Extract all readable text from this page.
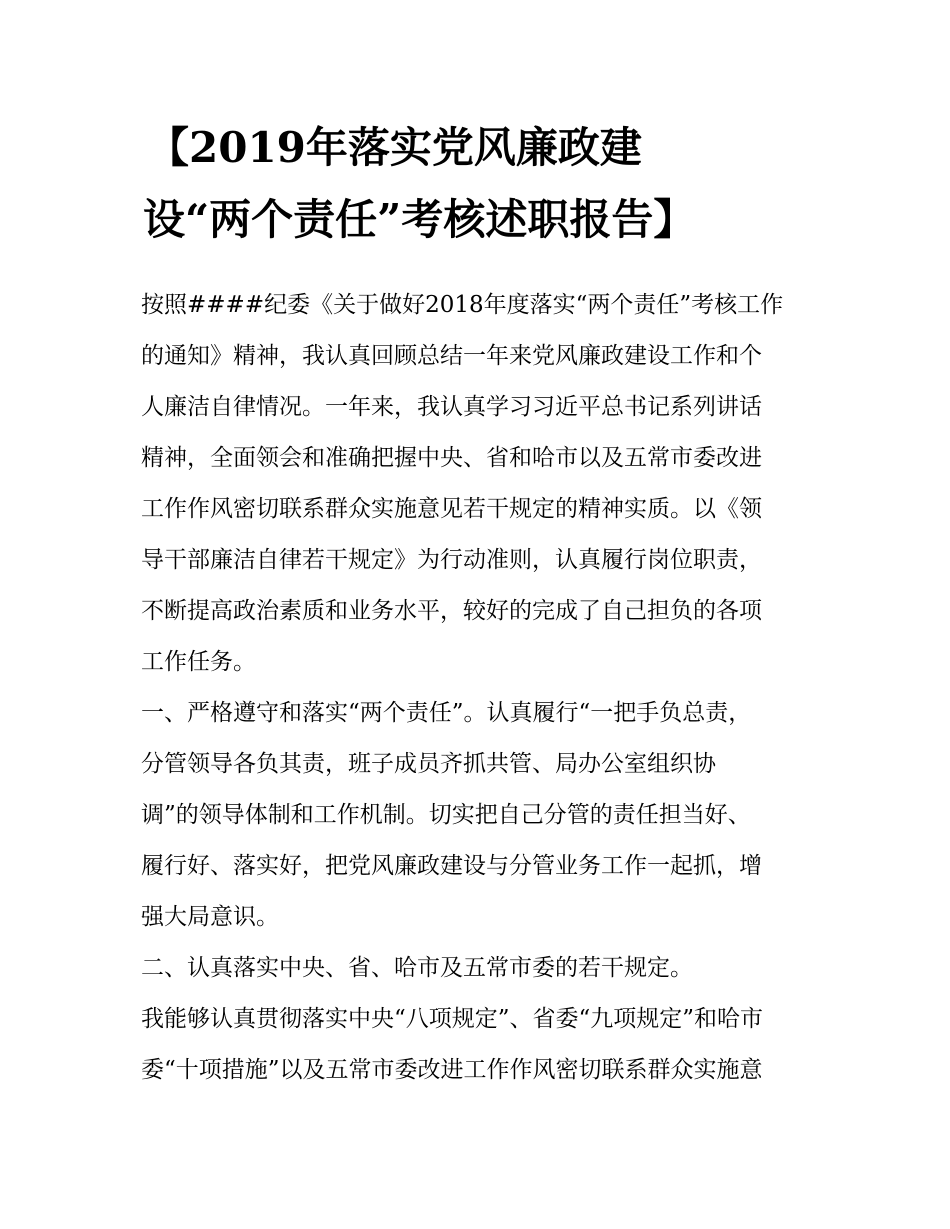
【2019年落实党风廉政建
设“两个责任”考核述职报告】
按照####纪委《关于做好2018年度落实“两个责任”考核工作
的通知》精神，我认真回顾总结一年来党风廉政建设工作和个
人廉洁自律情况。一年来，我认真学习习近平总书记系列讲话
精神，全面领会和准确把握中央、省和哈市以及五常市委改进
工作作风密切联系群众实施意见若干规定的精神实质。以《领
导干部廉洁自律若干规定》为行动准则，认真履行岗位职责，
不断提高政治素质和业务水平，较好的完成了自己担负的各项
工作任务。
一、严格遵守和落实“两个责任”。认真履行“一把手负总责，
分管领导各负其责，班子成员齐抓共管、局办公室组织协
调”的领导体制和工作机制。切实把自己分管的责任担当好、
履行好、落实好，把党风廉政建设与分管业务工作一起抓，增
强大局意识。
二、认真落实中央、省、哈市及五常市委的若干规定。
我能够认真贯彻落实中央“八项规定”、省委“九项规定”和哈市
委“十项措施”以及五常市委改进工作作风密切联系群众实施意
